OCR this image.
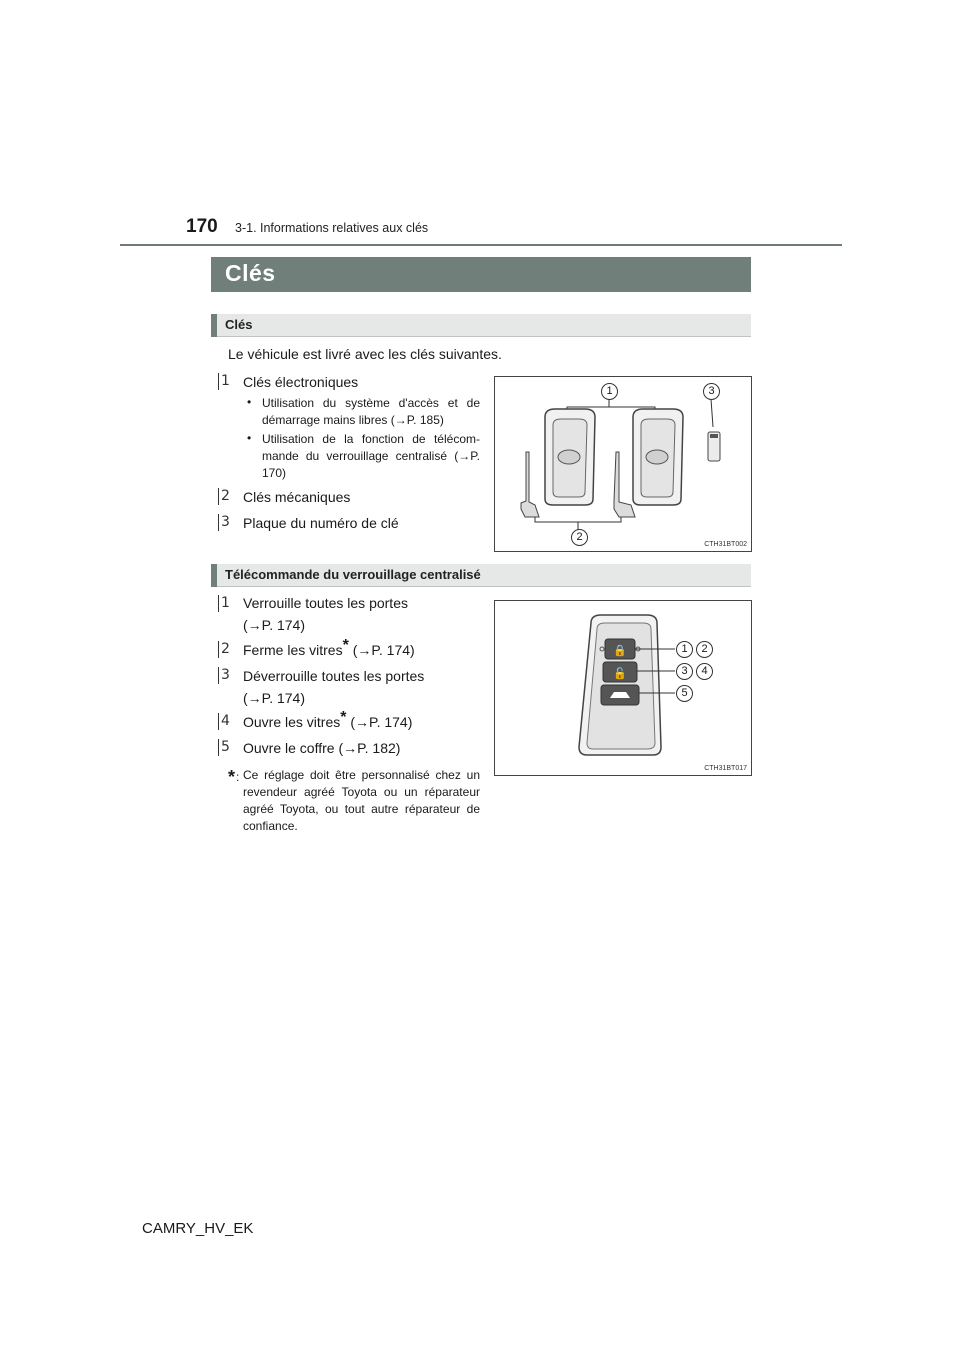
170 3-1. Informations relatives aux clés
Clés
Clés
Le véhicule est livré avec les clés suivantes.
1 Clés électroniques
• Utilisation du système d'accès et de démarrage mains libres (→P. 185)
• Utilisation de la fonction de télécommande du verrouillage centralisé (→P. 170)
2 Clés mécaniques
3 Plaque du numéro de clé
1	3
2
CTH31BT002
Télécommande du verrouillage centralisé
1 Verrouille toutes les portes
(→P. 174)
2 Ferme les vitres* (→P. 174)
3 Déverrouille toutes les portes
(→P. 174)
4 Ouvre les vitres* (→P. 174)
5 Ouvre le coffre (→P. 182)
*: Ce réglage doit être personnalisé chez un revendeur agréé Toyota ou un réparateur agréé Toyota, ou tout autre réparateur de confiance.
🔒
🔓
1	2
3	4
5
CTH31BT017
CAMRY_HV_EK
